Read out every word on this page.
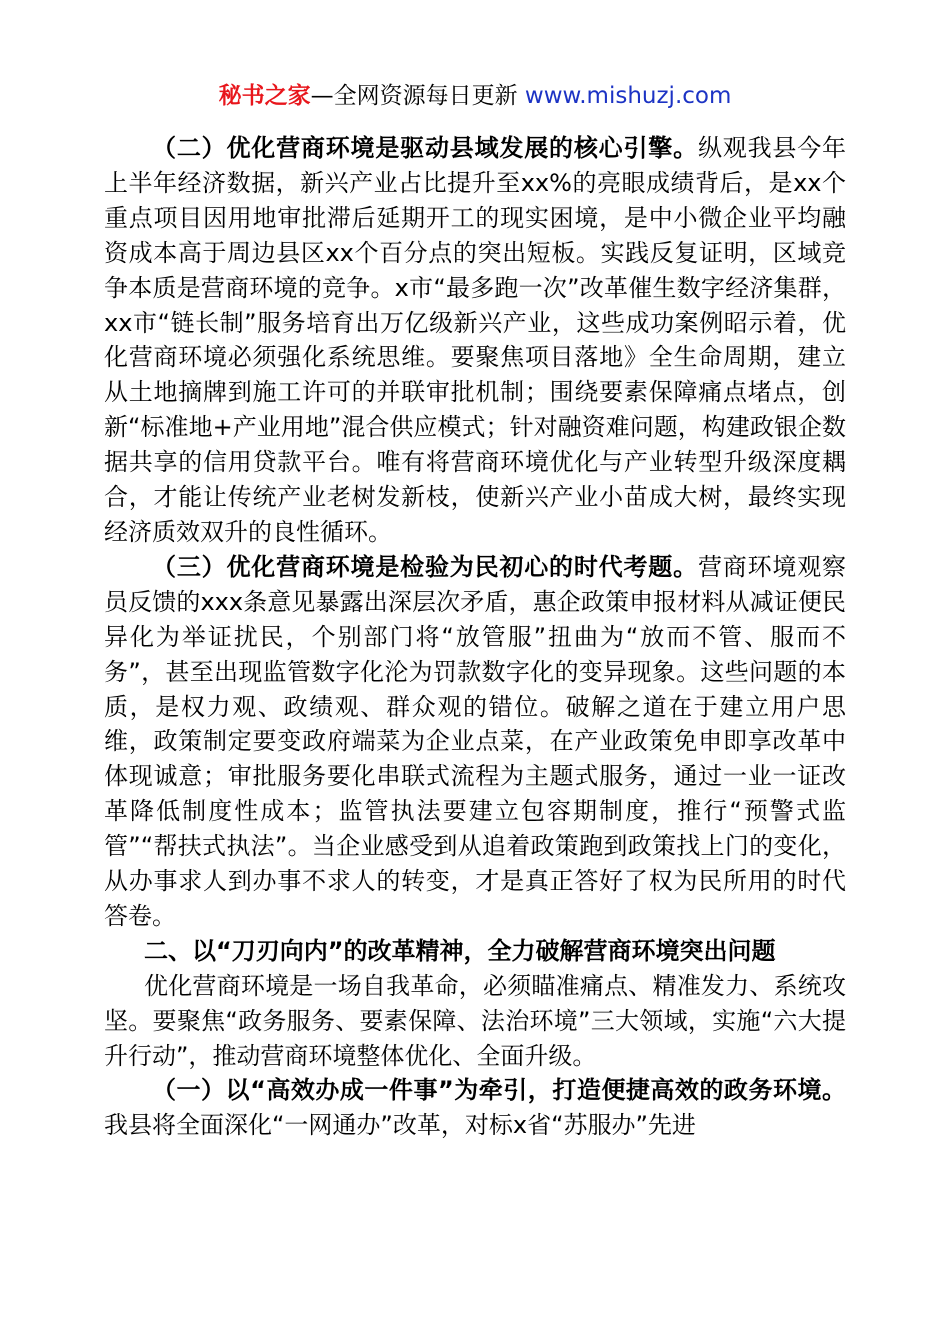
秘书之家—全网资源每日更新 www.mishuzj.com

（二）优化营商环境是驱动县域发展的核心引擎。纵观我县今年上半年经济数据，新兴产业占比提升至xx%的亮眼成绩背后，是xx个重点项目因用地审批滞后延期开工的现实困境，是中小微企业平均融资成本高于周边县区xx个百分点的突出短板。实践反复证明，区域竞争本质是营商环境的竞争。x市“最多跑一次”改革催生数字经济集群，xx市“链长制”服务培育出万亿级新兴产业，这些成功案例昭示着，优化营商环境必须强化系统思维。要聚焦项目落地》全生命周期，建立从土地摘牌到施工许可的并联审批机制；围绕要素保障痛点堵点，创新“标准地+产业用地”混合供应模式；针对融资难问题，构建政银企数据共享的信用贷款平台。唯有将营商环境优化与产业转型升级深度耦合，才能让传统产业老树发新枝，使新兴产业小苗成大树，最终实现经济质效双升的良性循环。

（三）优化营商环境是检验为民初心的时代考题。营商环境观察员反馈的xxx条意见暴露出深层次矛盾，惠企政策申报材料从减证便民异化为举证扰民，个别部门将“放管服”扭曲为“放而不管、服而不务”，甚至出现监管数字化沦为罚款数字化的变异现象。这些问题的本质，是权力观、政绩观、群众观的错位。破解之道在于建立用户思维，政策制定要变政府端菜为企业点菜，在产业政策免申即享改革中体现诚意；审批服务要化串联式流程为主题式服务，通过一业一证改革降低制度性成本；监管执法要建立包容期制度，推行“预警式监管”“帮扶式执法”。当企业感受到从追着政策跑到政策找上门的变化，从办事求人到办事不求人的转变，才是真正答好了权为民所用的时代答卷。

二、以“刀刃向内”的改革精神，全力破解营商环境突出问题

优化营商环境是一场自我革命，必须瞄准痛点、精准发力、系统攻坚。要聚焦“政务服务、要素保障、法治环境”三大领域，实施“六大提升行动”，推动营商环境整体优化、全面升级。

（一）以“高效办成一件事”为牵引，打造便捷高效的政务环境。我县将全面深化“一网通办”改革，对标x省“苏服办”先进
